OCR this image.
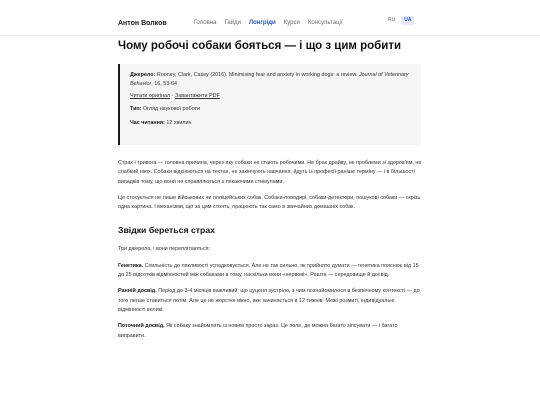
Антон Волков	Головна Гайди Лонгріди Курси Консультації	RU	UA
Чому робочі собаки бояться — і що з цим робити
Джерело: Rooney, Clark, Casey (2016). Minimising fear and anxiety in working dogs: a review. Journal of Veterinary Behavior, 16, 53-64
Читати оригінал · Завантажити PDF
Тип: Огляд наукової роботи
Час читання: 12 хвилин

Страх і тривога — головна причина, через яку собаки не стають робочими. Не брак драйву, не проблеми зі здоров'ям, не слабкий ніюх. Собаки відсіюються на тестах, не закінчують навчання, йдуть із професії раніше терміну — і в більшості випадків тому, що вони не справляються з лякаючими стимулами.

Це стосується не лише військових чи поліцейських собак. Собаки-поводирі, собаки-детектори, пошукові собаки — скрізь одна картина. І механізми, що за цим стоять, працюють так само в звичайних домашніх собак.

Звідки береться страх

Три джерела, і вони переплітаються:

Генетика. Схильність до лякливості успадковується. Але не так сильно, як прийнято думати — генетика пояснює від 15 до 25 відсотків відмінностей між собаками в тому, наскільки вони «нервові». Решта — середовище й досвід.

Ранній досвід. Період до 3-4 місяців важливий: що цуценя зустріло, з чим познайомилося в безпечному контексті — до того легше ставиться потім. Але це не жорстке вікно, яке зачиняється в 12 тижнів. Межі розмиті, індивідуальні відмінності великі.

Поточний досвід. Як собаку знайомлять із новим просто зараз. Це поле, де можна багато зіпсувати — і багато виправити.
